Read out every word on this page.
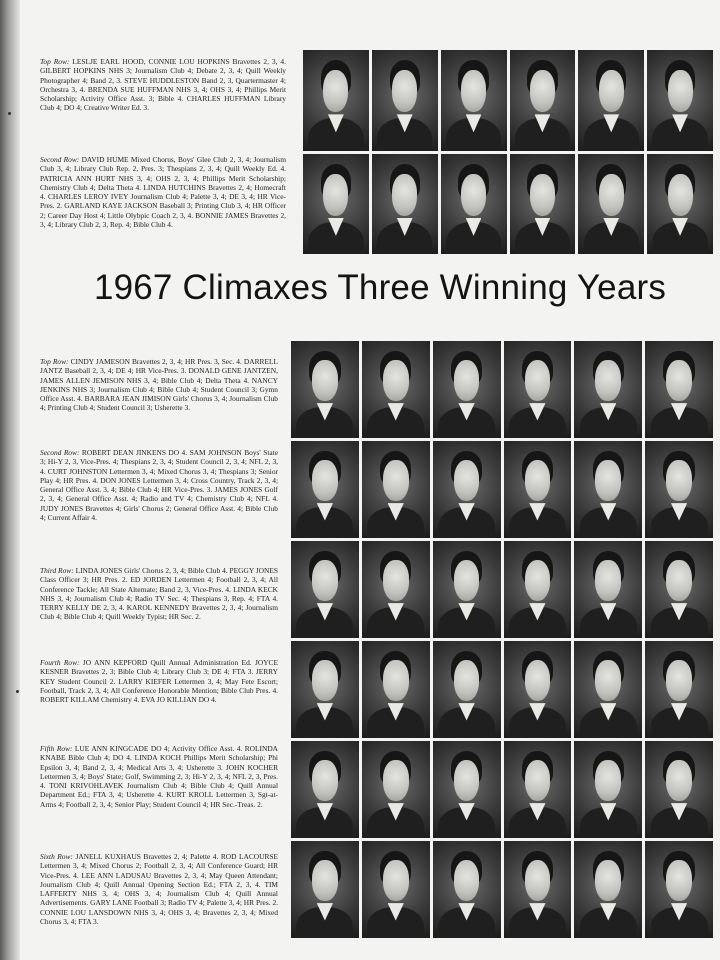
Top Row: LESLJE EARL HOOD, CONNIE LOU HOPKINS Bravettes 2, 3, 4. GILBERT HOPKINS NHS 3; Journalism Club 4; Debate 2, 3, 4; Quill Weekly Photographer 4; Band 2, 3. STEVE HUDDLESTON Band 2, 3, Quartermaster 4; Orchestra 3, 4. BRENDA SUE HUFFMAN NHS 3, 4; OHS 3, 4; Phillips Merit Scholarship; Activity Office Asst. 3; Bible 4. CHARLES HUFFMAN Library Club 4; DO 4; Creative Writer Ed. 3.
Second Row: DAVID HUME Mixed Chorus, Boys' Glee Club 2, 3, 4; Journalism Club 3, 4; Library Club Rep. 2, Pres. 3; Thespians 2, 3, 4; Quill Weekly Ed. 4. PATRICIA ANN HURT NHS 3, 4; OHS 2, 3, 4; Phillips Merit Scholarship; Chemistry Club 4; Delta Theta 4. LINDA HUTCHINS Bravettes 2, 4; Homecraft 4. CHARLES LEROY IVEY Journalism Club 4; Palette 3, 4; DE 3, 4; HR Vice-Pres. 2. GARLAND KAYE JACKSON Baseball 3; Printing Club 3, 4; HR Officer 2; Career Day Host 4; Little Olybpic Coach 2, 3, 4. BONNIE JAMES Bravettes 2, 3, 4; Library Club 2, 3, Rep. 4; Bible Club 4.
1967 Climaxes Three Winning Years
Top Row: CINDY JAMESON Bravettes 2, 3, 4; HR Pres. 3, Sec. 4. DARRELL JANTZ Baseball 2, 3, 4; DE 4; HR Vice-Pres. 3. DONALD GENE JANTZEN, JAMES ALLEN JEMISON NHS 3, 4; Bible Club 4; Delta Theta 4. NANCY JENKINS NHS 3; Journalism Club 4; Bible Club 4; Student Council 3; Gymn Office Asst. 4. BARBARA JEAN JIMISON Girls' Chorus 3, 4; Journalism Club 4; Printing Club 4; Student Council 3; Usherette 3.
Second Row: ROBERT DEAN JINKENS DO 4. SAM JOHNSON Boys' State 3; Hi-Y 2, 3, Vice-Pres. 4; Thespians 2, 3, 4; Student Council 2, 3, 4; NFL 2, 3, 4. CURT JOHNSTON Lettermen 3, 4; Mixed Chorus 3, 4; Thespians 3; Senior Play 4; HR Pres. 4. DON JONES Lettermen 3, 4; Cross Country, Track 2, 3, 4; General Office Asst. 3, 4; Bible Club 4; HR Vice-Pres. 3. JAMES JONES Golf 2, 3, 4; General Office Asst. 4; Radio and TV 4; Chemistry Club 4; NFL 4. JUDY JONES Bravettes 4; Girls' Chorus 2; General Office Asst. 4; Bible Club 4; Current Affair 4.
Third Row: LINDA JONES Girls' Chorus 2, 3, 4; Bible Club 4. PEGGY JONES Class Officer 3; HR Pres. 2. ED JORDEN Lettermen 4; Football 2, 3, 4; All Conference Tackle; All State Alternate; Band 2, 3, Vice-Pres. 4. LINDA KECK NHS 3, 4; Journalism Club 4; Radio TV Sec. 4; Thespians 3, Rep. 4; FTA 4. TERRY KELLY DE 2, 3, 4. KAROL KENNEDY Bravettes 2, 3, 4; Journalism Club 4; Bible Club 4; Quill Weekly Typist; HR Sec. 2.
Fourth Row: JO ANN KEPFORD Quill Annual Administration Ed. JOYCE KESNER Bravettes 2, 3; Bible Club 4; Library Club 3; DE 4; FTA 3. JERRY KEY Student Council 2. LARRY KIEFER Lettermen 3, 4; May Fete Escort; Football, Track 2, 3, 4; All Conference Honorable Mention; Bible Club Pres. 4. ROBERT KILLAM Chemistry 4. EVA JO KILLIAN DO 4.
Fifth Row: LUE ANN KINGCADE DO 4; Activity Office Asst. 4. ROLINDA KNABE Bible Club 4; DO 4. LINDA KOCH Phillips Merit Scholarship; Phi Epsilon 3, 4; Band 2, 3, 4; Medical Arts 3, 4; Usherette 3. JOHN KOCHER Lettermen 3, 4; Boys' State; Golf, Swimming 2, 3; Hi-Y 2, 3, 4; NFL 2, 3, Pres. 4. TONI KRIVOHLAVEK Journalism Club 4; Bible Club 4; Quill Annual Department Ed.; FTA 3, 4; Usherette 4. KURT KROLL Lettermen 3, Sgt-at-Arms 4; Football 2, 3, 4; Senior Play; Student Council 4; HR Sec.-Treas. 2.
Sixth Row: JANELL KUXHAUS Bravettes 2, 4; Palette 4. ROD LACOURSE Lettermen 3, 4; Mixed Chorus 2; Football 2, 3, 4; All Conference Guard; HR Vice-Pres. 4. LEE ANN LADUSAU Bravettes 2, 3, 4; May Queen Attendant; Journalism Club 4; Quill Annual Opening Section Ed.; FTA 2, 3, 4. TIM LAFFERTY NHS 3, 4; OHS 3, 4; Journalism Club 4; Quill Annual Advertisements. GARY LANE Football 3; Radio TV 4; Palette 3, 4; HR Pres. 2. CONNIE LOU LANSDOWN NHS 3, 4; OHS 3, 4; Bravettes 2, 3, 4; Mixed Chorus 3, 4; FTA 3.
